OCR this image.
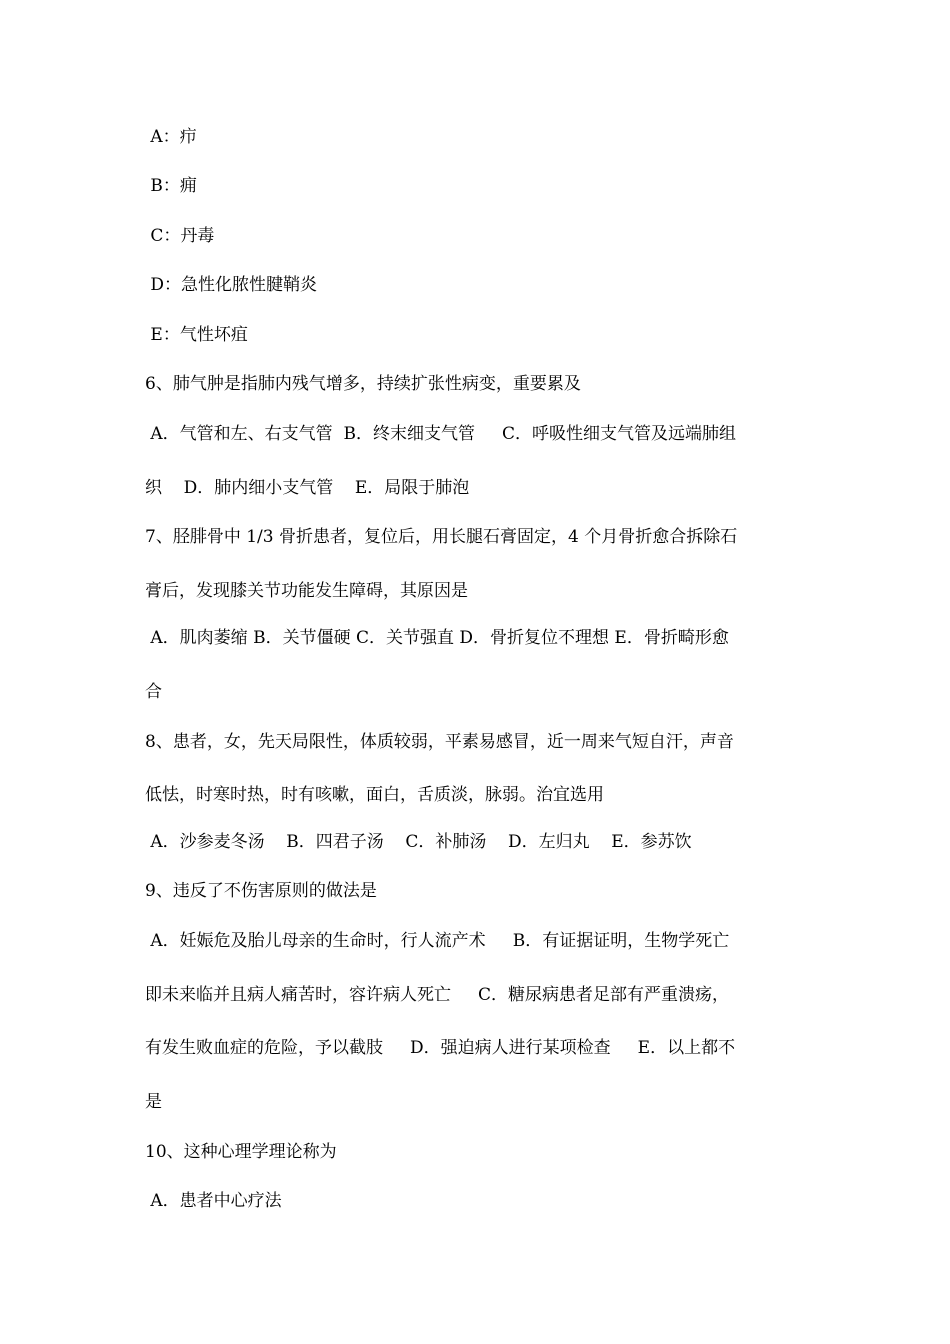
A：疖
B：痈
C：丹毒
D：急性化脓性腱鞘炎
E：气性坏疽
6、肺气肿是指肺内残气增多，持续扩张性病变，重要累及
A．气管和左、右支气管  B．终末细支气管     C．呼吸性细支气管及远端肺组
织    D．肺内细小支气管    E．局限于肺泡
7、胫腓骨中 1/3 骨折患者，复位后，用长腿石膏固定，4 个月骨折愈合拆除石
膏后，发现膝关节功能发生障碍，其原因是
A．肌肉萎缩 B．关节僵硬 C．关节强直 D．骨折复位不理想 E．骨折畸形愈
合
8、患者，女，先天局限性，体质较弱，平素易感冒，近一周来气短自汗，声音
低怯，时寒时热，时有咳嗽，面白，舌质淡，脉弱。治宜选用
A．沙参麦冬汤    B．四君子汤    C．补肺汤    D．左归丸    E．参苏饮
9、违反了不伤害原则的做法是
A．妊娠危及胎儿母亲的生命时，行人流产术     B．有证据证明，生物学死亡
即未来临并且病人痛苦时，容许病人死亡     C．糖尿病患者足部有严重溃疡，
有发生败血症的危险，予以截肢     D．强迫病人进行某项检查     E．以上都不
是
10、这种心理学理论称为
A．患者中心疗法
